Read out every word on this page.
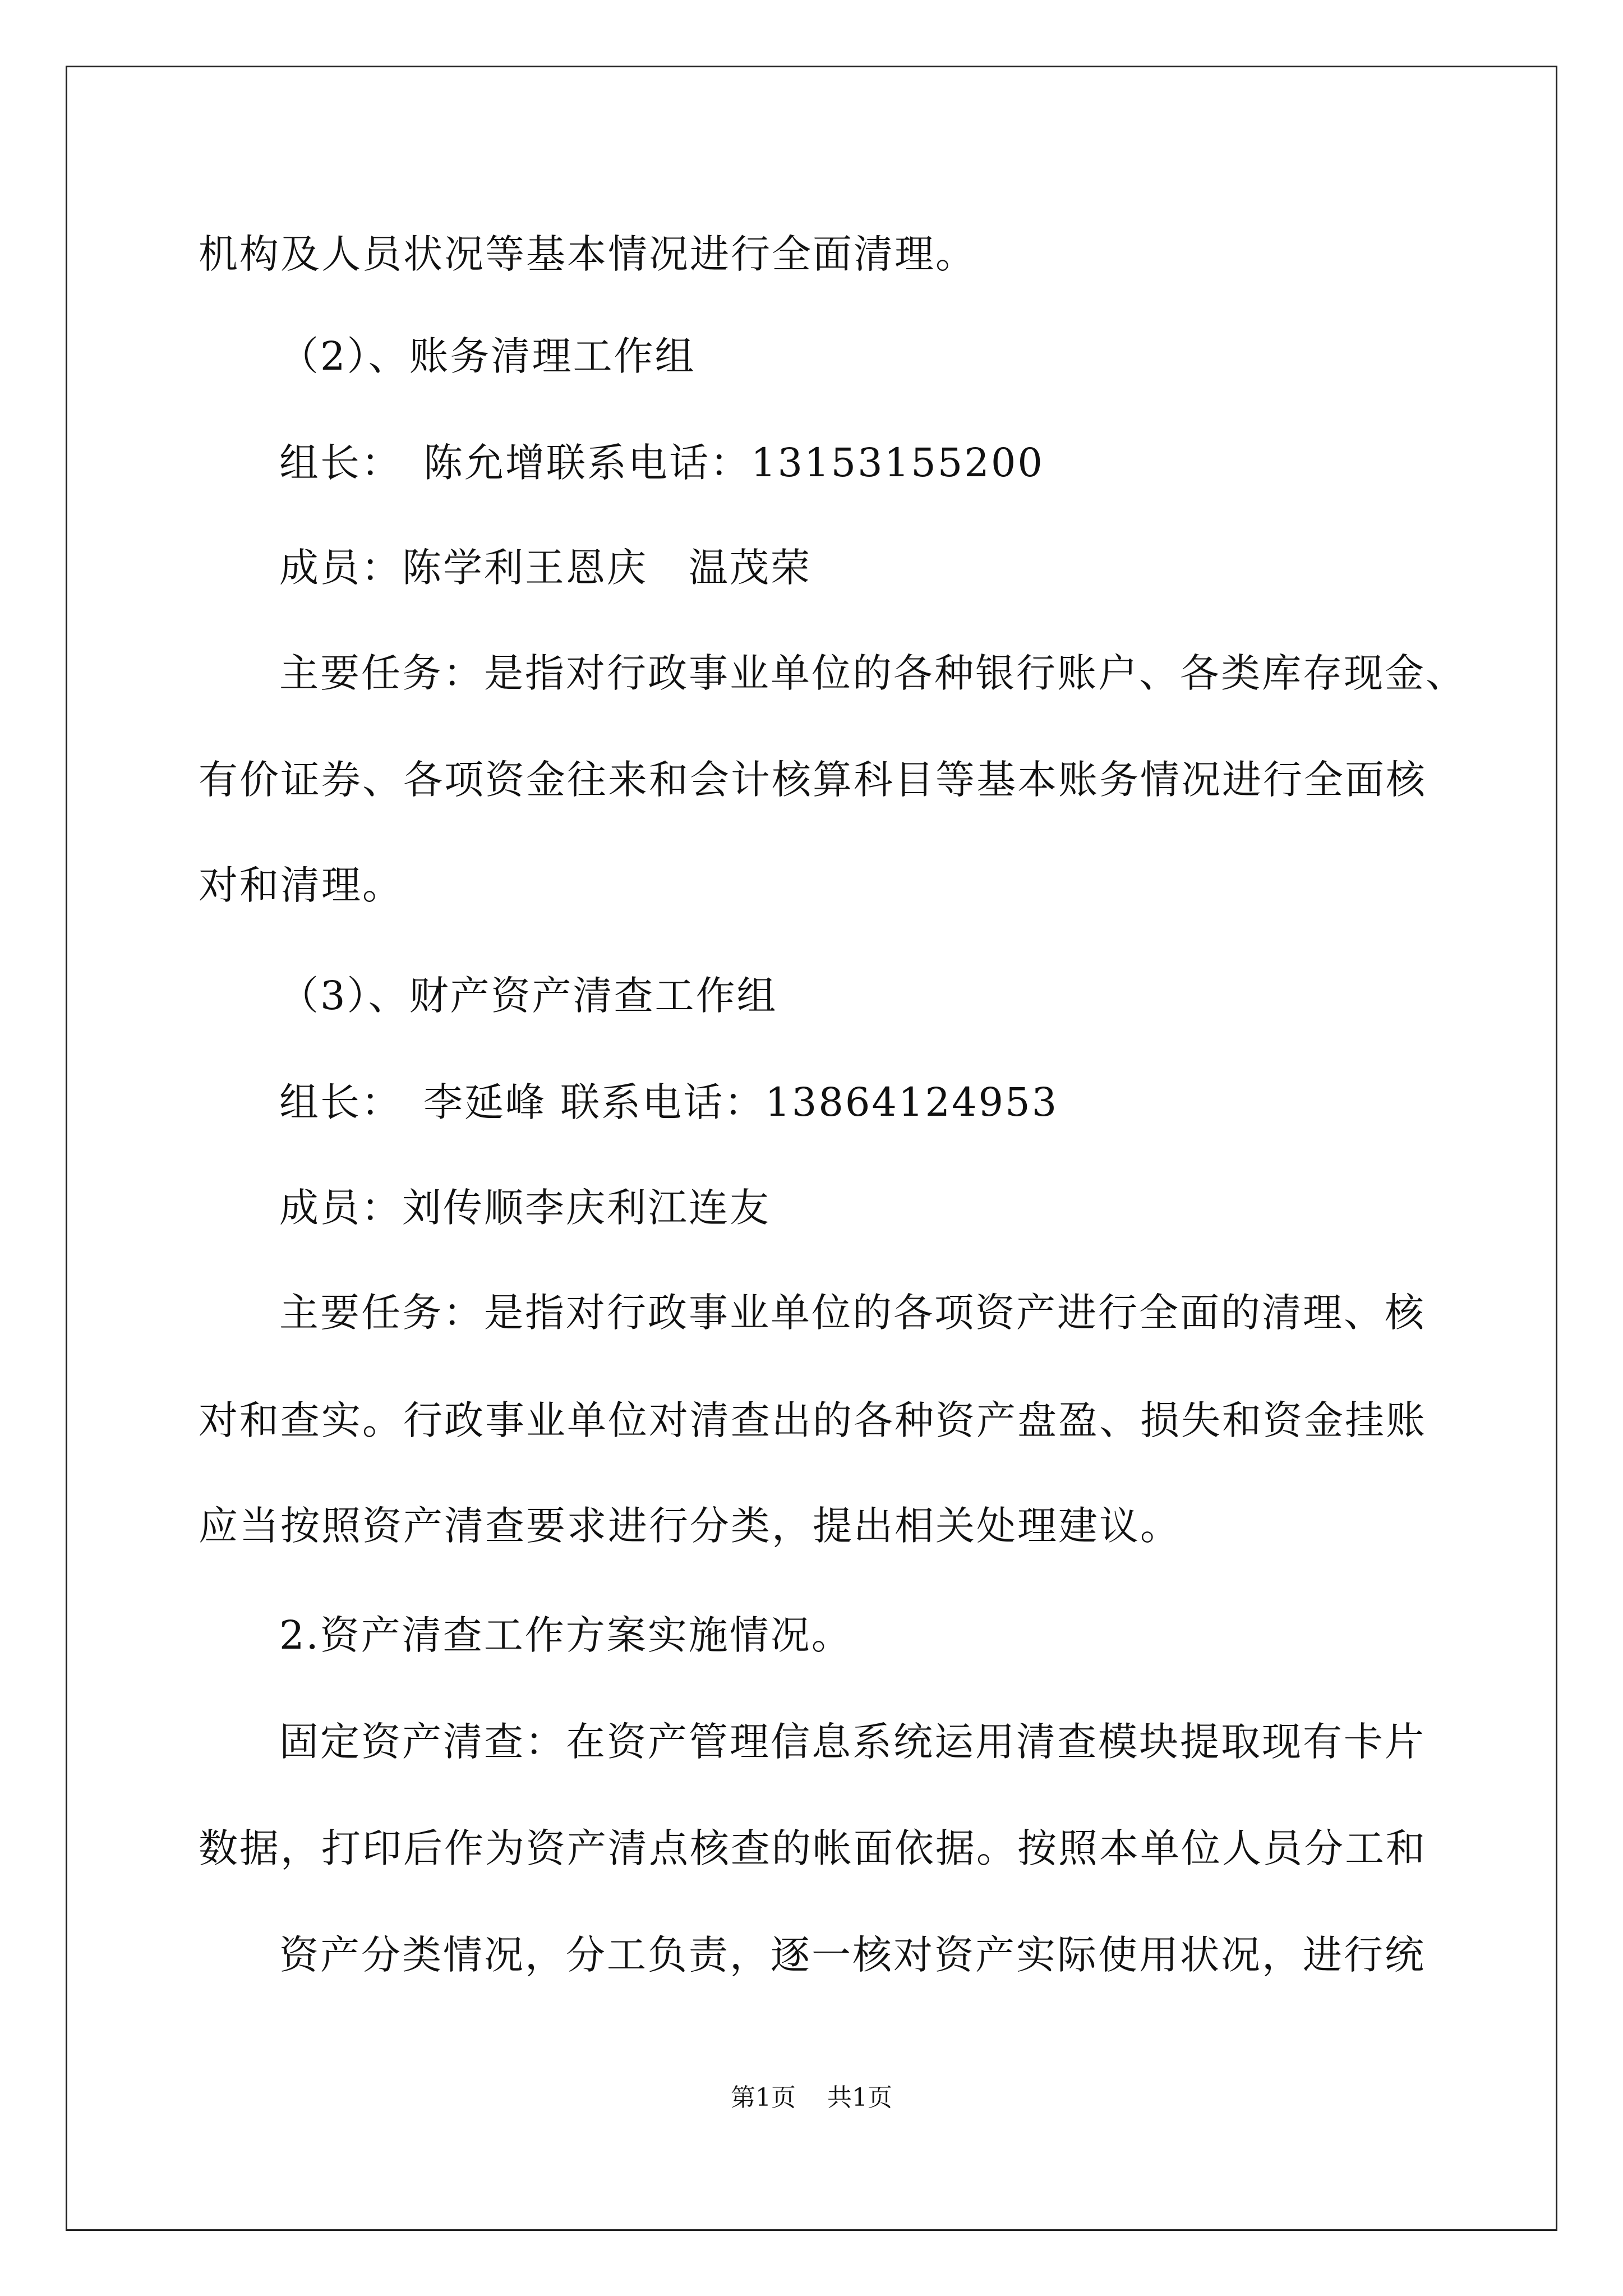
机构及人员状况等基本情况进行全面清理。
（2）、账务清理工作组
组长：　陈允增联系电话：13153155200
成员：陈学利王恩庆　温茂荣
主要任务：是指对行政事业单位的各种银行账户、各类库存现金、
有价证券、各项资金往来和会计核算科目等基本账务情况进行全面核
对和清理。
（3）、财产资产清查工作组
组长：　李延峰 联系电话：13864124953
成员：刘传顺李庆利江连友
主要任务：是指对行政事业单位的各项资产进行全面的清理、核
对和查实。行政事业单位对清查出的各种资产盘盈、损失和资金挂账
应当按照资产清查要求进行分类，提出相关处理建议。
2.资产清查工作方案实施情况。
固定资产清查：在资产管理信息系统运用清查模块提取现有卡片
数据，打印后作为资产清点核查的帐面依据。按照本单位人员分工和
资产分类情况，分工负责，逐一核对资产实际使用状况，进行统
第1页 共1页
